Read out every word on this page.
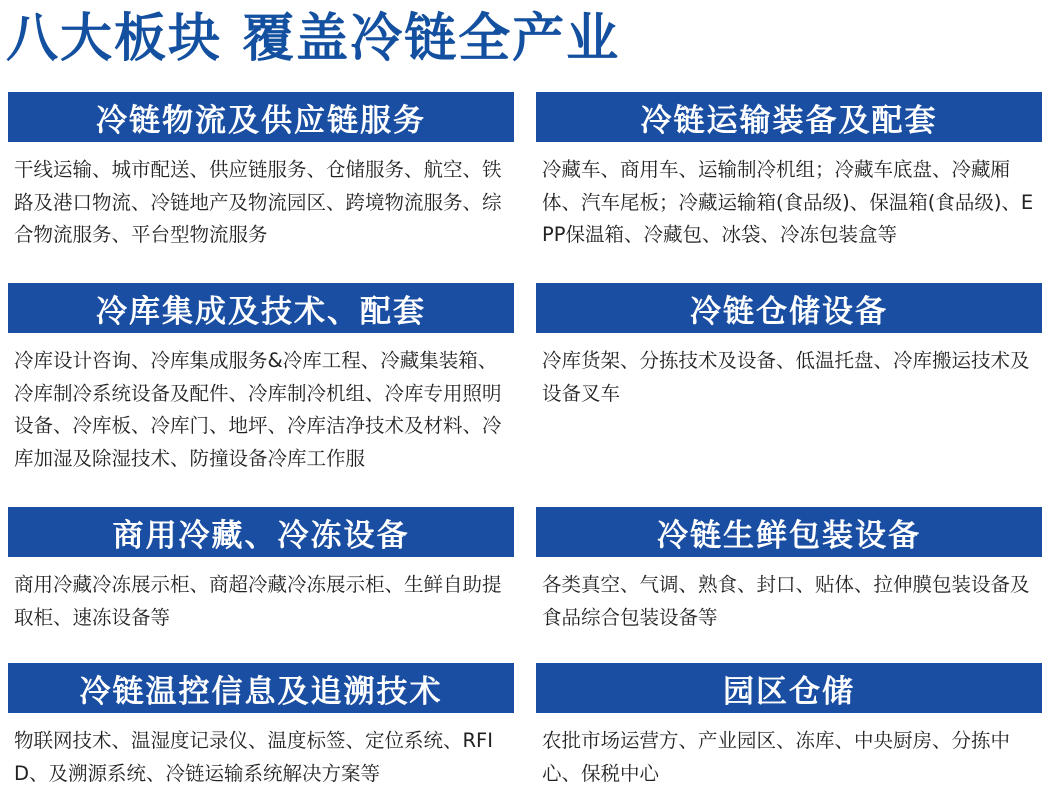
八大板块 覆盖冷链全产业
冷链物流及供应链服务
干线运输、城市配送、供应链服务、仓储服务、航空、铁路及港口物流、冷链地产及物流园区、跨境物流服务、综合物流服务、平台型物流服务
冷链运输装备及配套
冷藏车、商用车、运输制冷机组；冷藏车底盘、冷藏厢体、汽车尾板；冷藏运输箱(食品级)、保温箱(食品级)、EPP保温箱、冷藏包、冰袋、冷冻包装盒等
冷库集成及技术、配套
冷库设计咨询、冷库集成服务&冷库工程、冷藏集装箱、冷库制冷系统设备及配件、冷库制冷机组、冷库专用照明设备、冷库板、冷库门、地坪、冷库洁净技术及材料、冷库加湿及除湿技术、防撞设备冷库工作服
冷链仓储设备
冷库货架、分拣技术及设备、低温托盘、冷库搬运技术及设备叉车
商用冷藏、冷冻设备
商用冷藏冷冻展示柜、商超冷藏冷冻展示柜、生鲜自助提取柜、速冻设备等
冷链生鲜包装设备
各类真空、气调、熟食、封口、贴体、拉伸膜包装设备及食品综合包装设备等
冷链温控信息及追溯技术
物联网技术、温湿度记录仪、温度标签、定位系统、RFID、及溯源系统、冷链运输系统解决方案等
园区仓储
农批市场运营方、产业园区、冻库、中央厨房、分拣中心、保税中心
